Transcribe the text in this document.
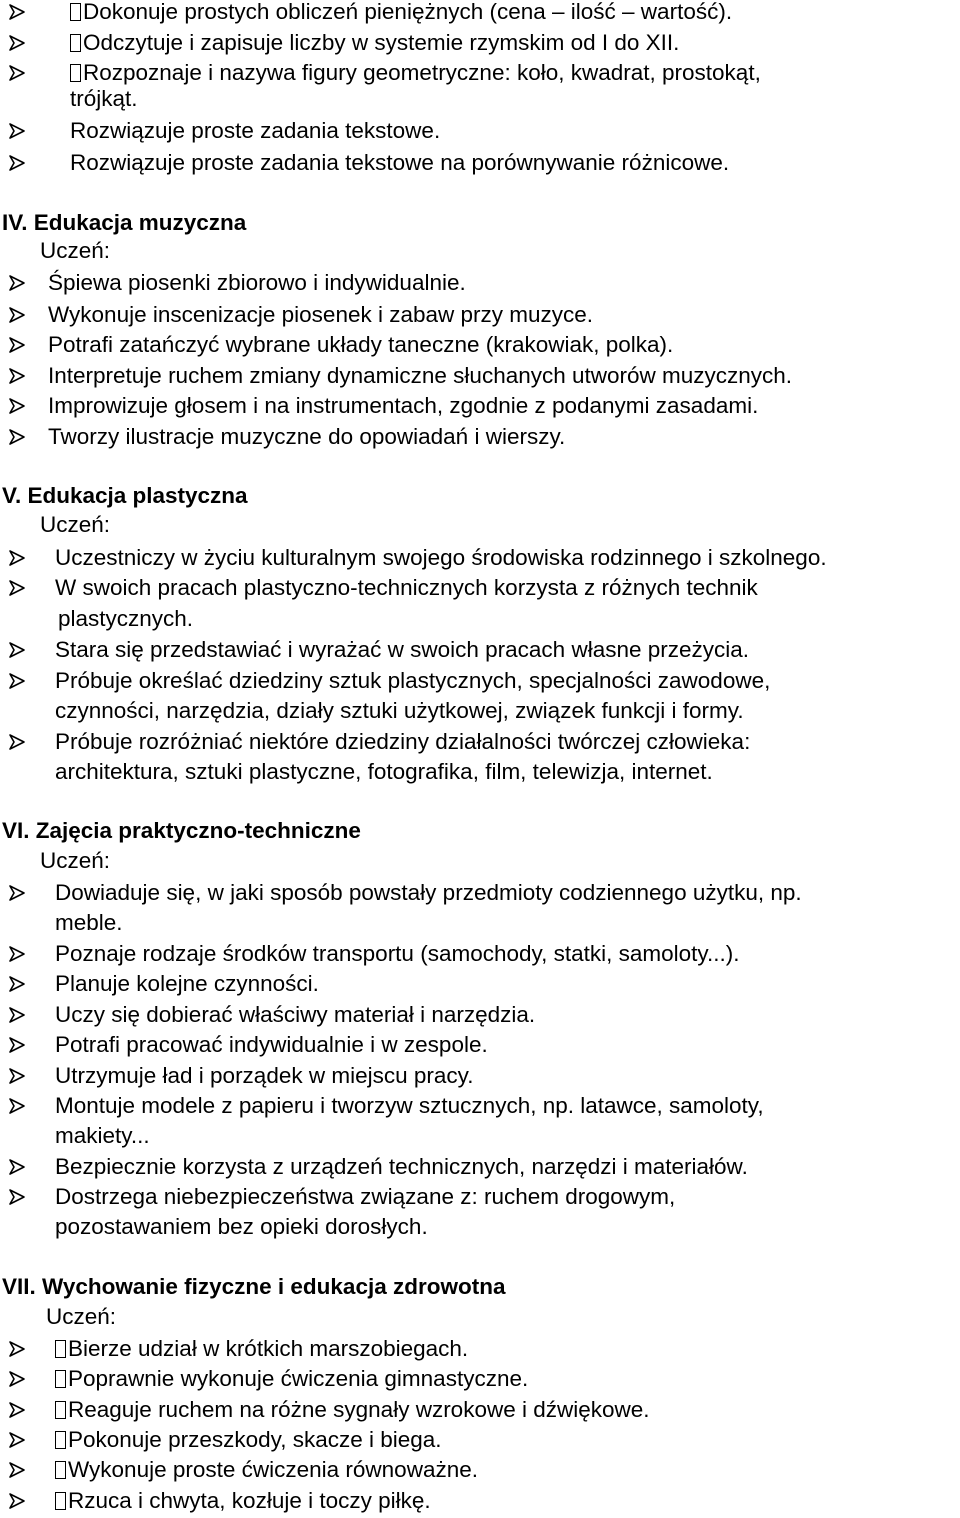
Dokonuje prostych obliczeń pieniężnych (cena – ilość – wartość).
Odczytuje i zapisuje liczby w systemie rzymskim od I do XII.
Rozpoznaje i nazywa figury geometryczne: koło, kwadrat, prostokąt,
trójkąt.
Rozwiązuje proste zadania tekstowe.
Rozwiązuje proste zadania tekstowe na porównywanie różnicowe.
IV. Edukacja muzyczna
Uczeń:
Śpiewa piosenki zbiorowo i indywidualnie.
Wykonuje inscenizacje piosenek i zabaw przy muzyce.
Potrafi zatańczyć wybrane układy taneczne (krakowiak, polka).
Interpretuje ruchem zmiany dynamiczne słuchanych utworów muzycznych.
Improwizuje głosem i na instrumentach, zgodnie z podanymi zasadami.
Tworzy ilustracje muzyczne do opowiadań i wierszy.
V. Edukacja plastyczna
Uczeń:
Uczestniczy w życiu kulturalnym swojego środowiska rodzinnego i szkolnego.
W swoich pracach plastyczno-technicznych korzysta z różnych technik
plastycznych.
Stara się przedstawiać i wyrażać w swoich pracach własne przeżycia.
Próbuje określać dziedziny sztuk plastycznych, specjalności zawodowe,
czynności, narzędzia, działy sztuki użytkowej, związek funkcji i formy.
Próbuje rozróżniać niektóre dziedziny działalności twórczej człowieka:
architektura, sztuki plastyczne, fotografika, film, telewizja, internet.
VI. Zajęcia praktyczno-techniczne
Uczeń:
Dowiaduje się, w jaki sposób powstały przedmioty codziennego użytku, np.
meble.
Poznaje rodzaje środków transportu (samochody, statki, samoloty...).
Planuje kolejne czynności.
Uczy się dobierać właściwy materiał i narzędzia.
Potrafi pracować indywidualnie i w zespole.
Utrzymuje ład i porządek w miejscu pracy.
Montuje modele z papieru i tworzyw sztucznych, np. latawce, samoloty,
makiety...
Bezpiecznie korzysta z urządzeń technicznych, narzędzi i materiałów.
Dostrzega niebezpieczeństwa związane z: ruchem drogowym,
pozostawaniem bez opieki dorosłych.
VII. Wychowanie fizyczne i edukacja zdrowotna
Uczeń:
Bierze udział w krótkich marszobiegach.
Poprawnie wykonuje ćwiczenia gimnastyczne.
Reaguje ruchem na różne sygnały wzrokowe i dźwiękowe.
Pokonuje przeszkody, skacze i biega.
Wykonuje proste ćwiczenia równoważne.
Rzuca i chwyta, kozłuje i toczy piłkę.
